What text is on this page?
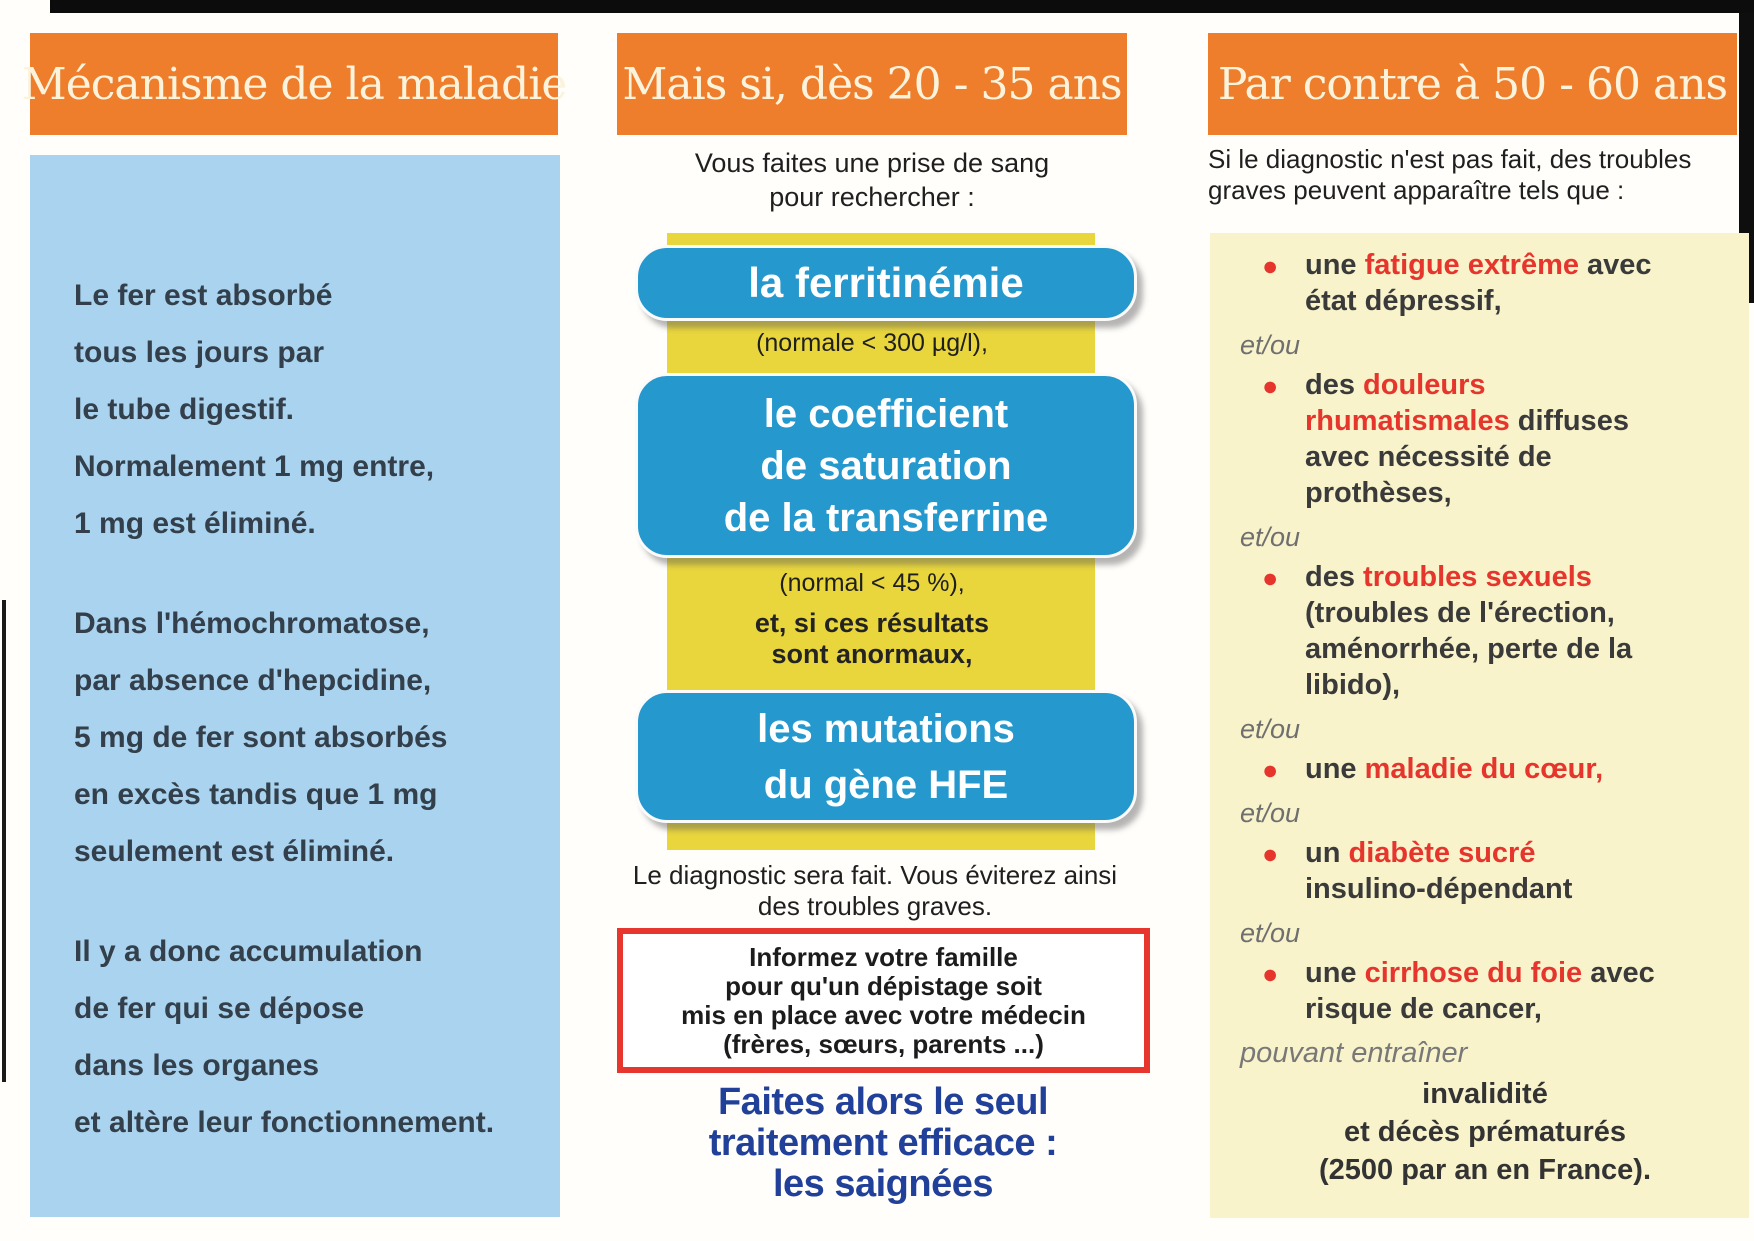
Mécanisme de la maladie

Le fer est absorbé
tous les jours par
le tube digestif.
Normalement 1 mg entre,
1 mg est éliminé.

Dans l'hémochromatose,
par absence d'hepcidine,
5 mg de fer sont absorbés
en excès tandis que 1 mg
seulement est éliminé.

Il y a donc accumulation
de fer qui se dépose
dans les organes
et altère leur fonctionnement.

Mais si, dès 20 - 35 ans
Vous faites une prise de sang
pour rechercher :
la ferritinémie
(normale < 300 µg/l),
le coefficient
de saturation
de la transferrine
(normal < 45 %),
et, si ces résultats
sont anormaux,
les mutations
du gène HFE
Le diagnostic sera fait. Vous éviterez ainsi
des troubles graves.
Informez votre famille
pour qu'un dépistage soit
mis en place avec votre médecin
(frères, sœurs, parents ...)
Faites alors le seul
traitement efficace :
les saignées
Par contre à 50 - 60 ans
Si le diagnostic n'est pas fait, des troubles
graves peuvent apparaître tels que :
● une fatigue extrême avec
état dépressif,
et/ou
● des douleurs
rhumatismales diffuses
avec nécessité de
prothèses,
et/ou
● des troubles sexuels
(troubles de l'érection,
aménorrhée, perte de la
libido),
et/ou
● une maladie du cœur,
et/ou
● un diabète sucré
insulino-dépendant
et/ou
● une cirrhose du foie avec
risque de cancer,
pouvant entraîner
invalidité
et décès prématurés
(2500 par an en France).
